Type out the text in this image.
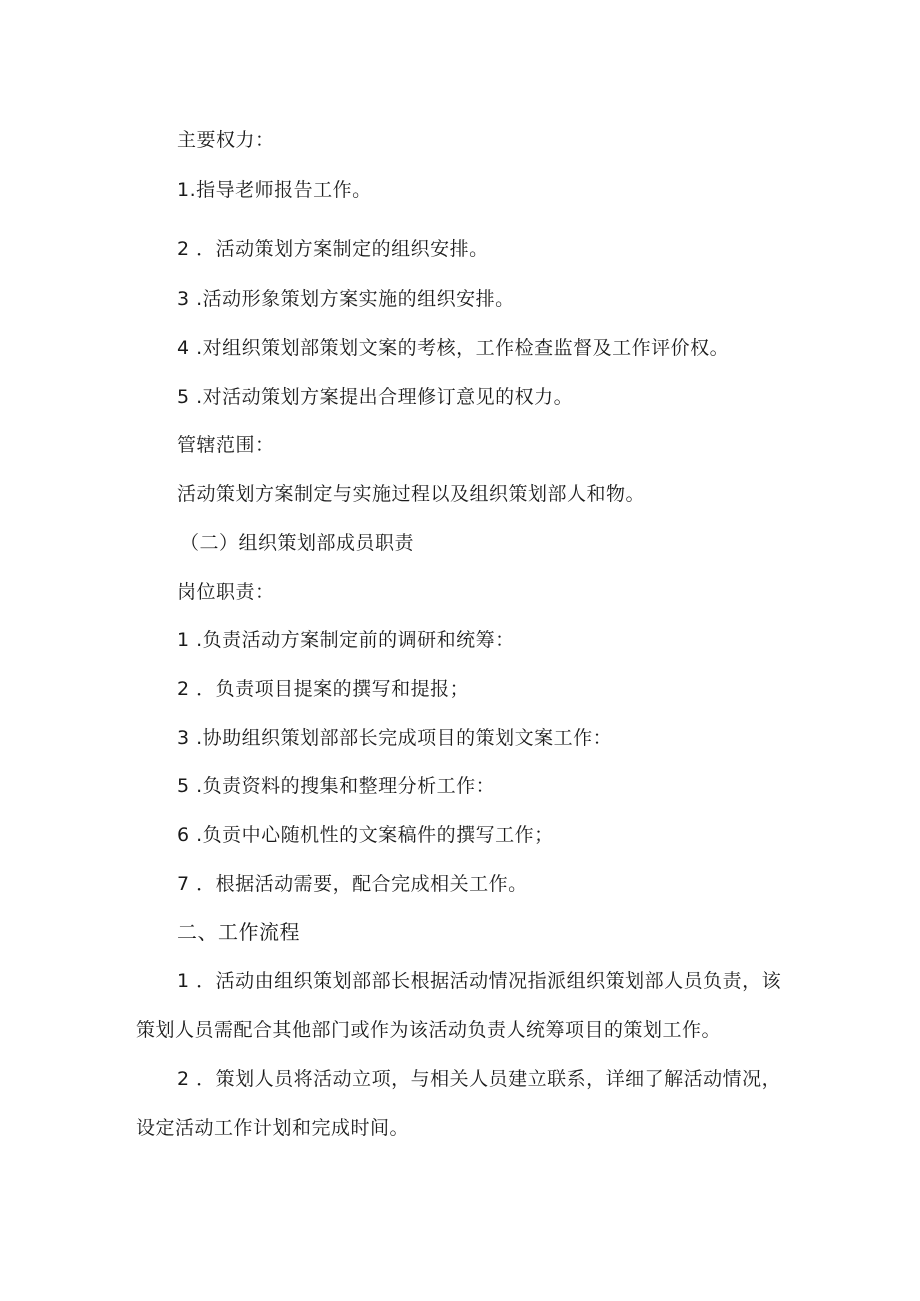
主要权力：
1.指导老师报告工作。
2 ．活动策划方案制定的组织安排。
3 .活动形象策划方案实施的组织安排。
4 .对组织策划部策划文案的考核，工作检查监督及工作评价权。
5 .对活动策划方案提出合理修订意见的权力。
管辖范围：
活动策划方案制定与实施过程以及组织策划部人和物。
（二）组织策划部成员职责
岗位职责：
1 .负责活动方案制定前的调研和统筹：
2 ．负责项目提案的撰写和提报；
3 .协助组织策划部部长完成项目的策划文案工作：
5 .负责资料的搜集和整理分析工作：
6 .负贡中心随机性的文案稿件的撰写工作；
7 ．根据活动需要，配合完成相关工作。
二、工作流程
1 ．活动由组织策划部部长根据活动情况指派组织策划部人员负责，该
策划人员需配合其他部门或作为该活动负责人统筹项目的策划工作。
2 ．策划人员将活动立项，与相关人员建立联系，详细了解活动情况，
设定活动工作计划和完成时间。
